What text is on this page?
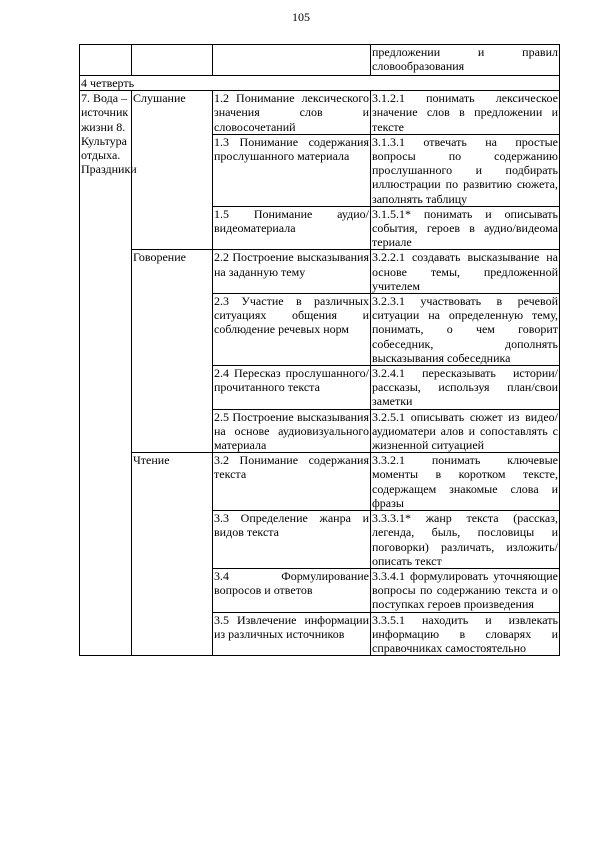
105
			предложении и правил словообразования
4 четверть			
7. Вода – источник жизни 8. Культура отдыха. Праздники	Слушание	1.2 Понимание лексического значения слов и словосочетаний	3.1.2.1 понимать лексическое значение слов в предложении и тексте
		1.3 Понимание содержания прослушанного материала	3.1.3.1 отвечать на простые вопросы по содержанию прослушанного и подбирать иллюстрации по развитию сюжета, заполнять таблицу
		1.5 Понимание аудио/видеоматериала	3.1.5.1* понимать и описывать события, героев в аудио/видеома териале
	Говорение	2.2 Построение высказывания на заданную тему	3.2.2.1 создавать высказывание на основе темы, предложенной учителем
		2.3 Участие в различных ситуациях общения и соблюдение речевых норм	3.2.3.1 участвовать в речевой ситуации на определенную тему, понимать, о чем говорит собеседник, дополнять высказывания собеседника
		2.4 Пересказ прослушанного/прочитанного текста	3.2.4.1 пересказывать истории/рассказы, используя план/свои заметки
		2.5 Построение высказывания на основе аудиовизуального материала	3.2.5.1 описывать сюжет из видео/аудиоматери алов и сопоставлять с жизненной ситуацией
	Чтение	3.2 Понимание содержания текста	3.3.2.1 понимать ключевые моменты в коротком тексте, содержащем знакомые слова и фразы
		3.3 Определение жанра и видов текста	3.3.3.1* жанр текста (рассказ, легенда, быль, пословицы и поговорки) различать, изложить/описать текст
		3.4 Формулирование вопросов и ответов	3.3.4.1 формулировать уточняющие вопросы по содержанию текста и о поступках героев произведения
		3.5 Извлечение информации из различных источников	3.3.5.1 находить и извлекать информацию в словарях и справочниках самостоятельно
